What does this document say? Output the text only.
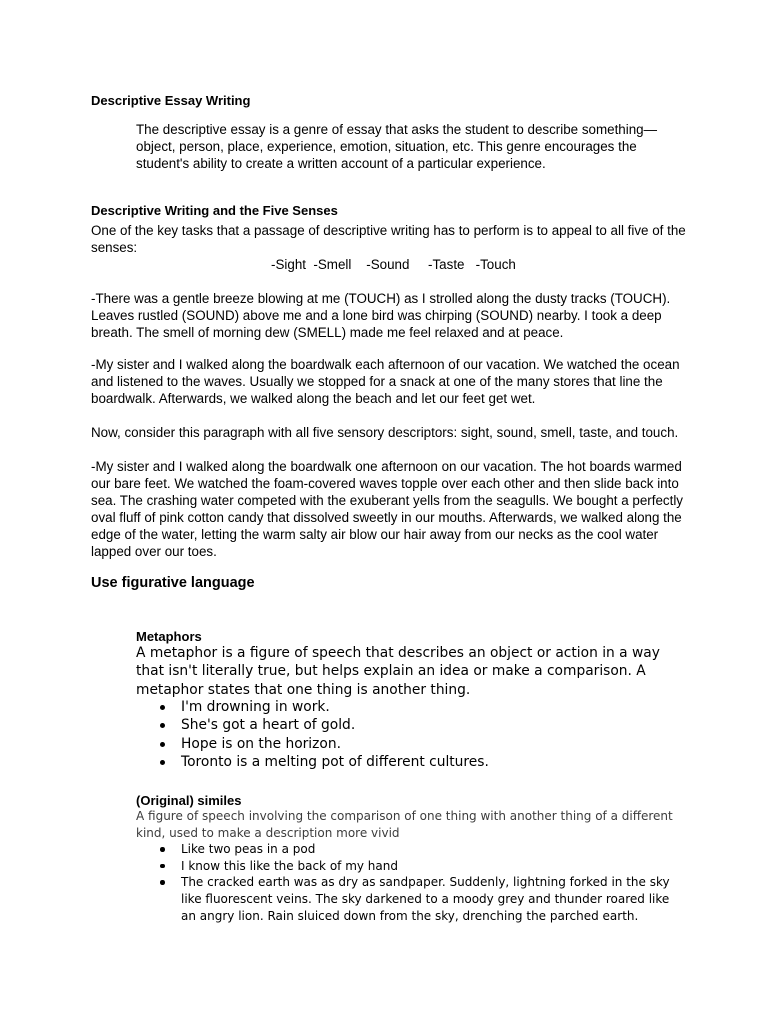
Descriptive Essay Writing

The descriptive essay is a genre of essay that asks the student to describe something—object, person, place, experience, emotion, situation, etc. This genre encourages the student's ability to create a written account of a particular experience.

Descriptive Writing and the Five Senses

One of the key tasks that a passage of descriptive writing has to perform is to appeal to all five of the senses:

-Sight  -Smell    -Sound     -Taste   -Touch

-There was a gentle breeze blowing at me (TOUCH) as I strolled along the dusty tracks (TOUCH). Leaves rustled (SOUND) above me and a lone bird was chirping (SOUND) nearby. I took a deep breath. The smell of morning dew (SMELL) made me feel relaxed and at peace.

-My sister and I walked along the boardwalk each afternoon of our vacation. We watched the ocean and listened to the waves. Usually we stopped for a snack at one of the many stores that line the boardwalk. Afterwards, we walked along the beach and let our feet get wet.

Now, consider this paragraph with all five sensory descriptors: sight, sound, smell, taste, and touch.

-My sister and I walked along the boardwalk one afternoon on our vacation. The hot boards warmed our bare feet. We watched the foam-covered waves topple over each other and then slide back into sea. The crashing water competed with the exuberant yells from the seagulls. We bought a perfectly oval fluff of pink cotton candy that dissolved sweetly in our mouths. Afterwards, we walked along the edge of the water, letting the warm salty air blow our hair away from our necks as the cool water lapped over our toes.

Use figurative language

Metaphors

A metaphor is a figure of speech that describes an object or action in a way that isn't literally true, but helps explain an idea or make a comparison. A metaphor states that one thing is another thing.

I'm drowning in work.
She's got a heart of gold.
Hope is on the horizon.
Toronto is a melting pot of different cultures.

(Original) similes

A figure of speech involving the comparison of one thing with another thing of a different kind, used to make a description more vivid

Like two peas in a pod
I know this like the back of my hand
The cracked earth was as dry as sandpaper. Suddenly, lightning forked in the sky like fluorescent veins. The sky darkened to a moody grey and thunder roared like an angry lion. Rain sluiced down from the sky, drenching the parched earth.
